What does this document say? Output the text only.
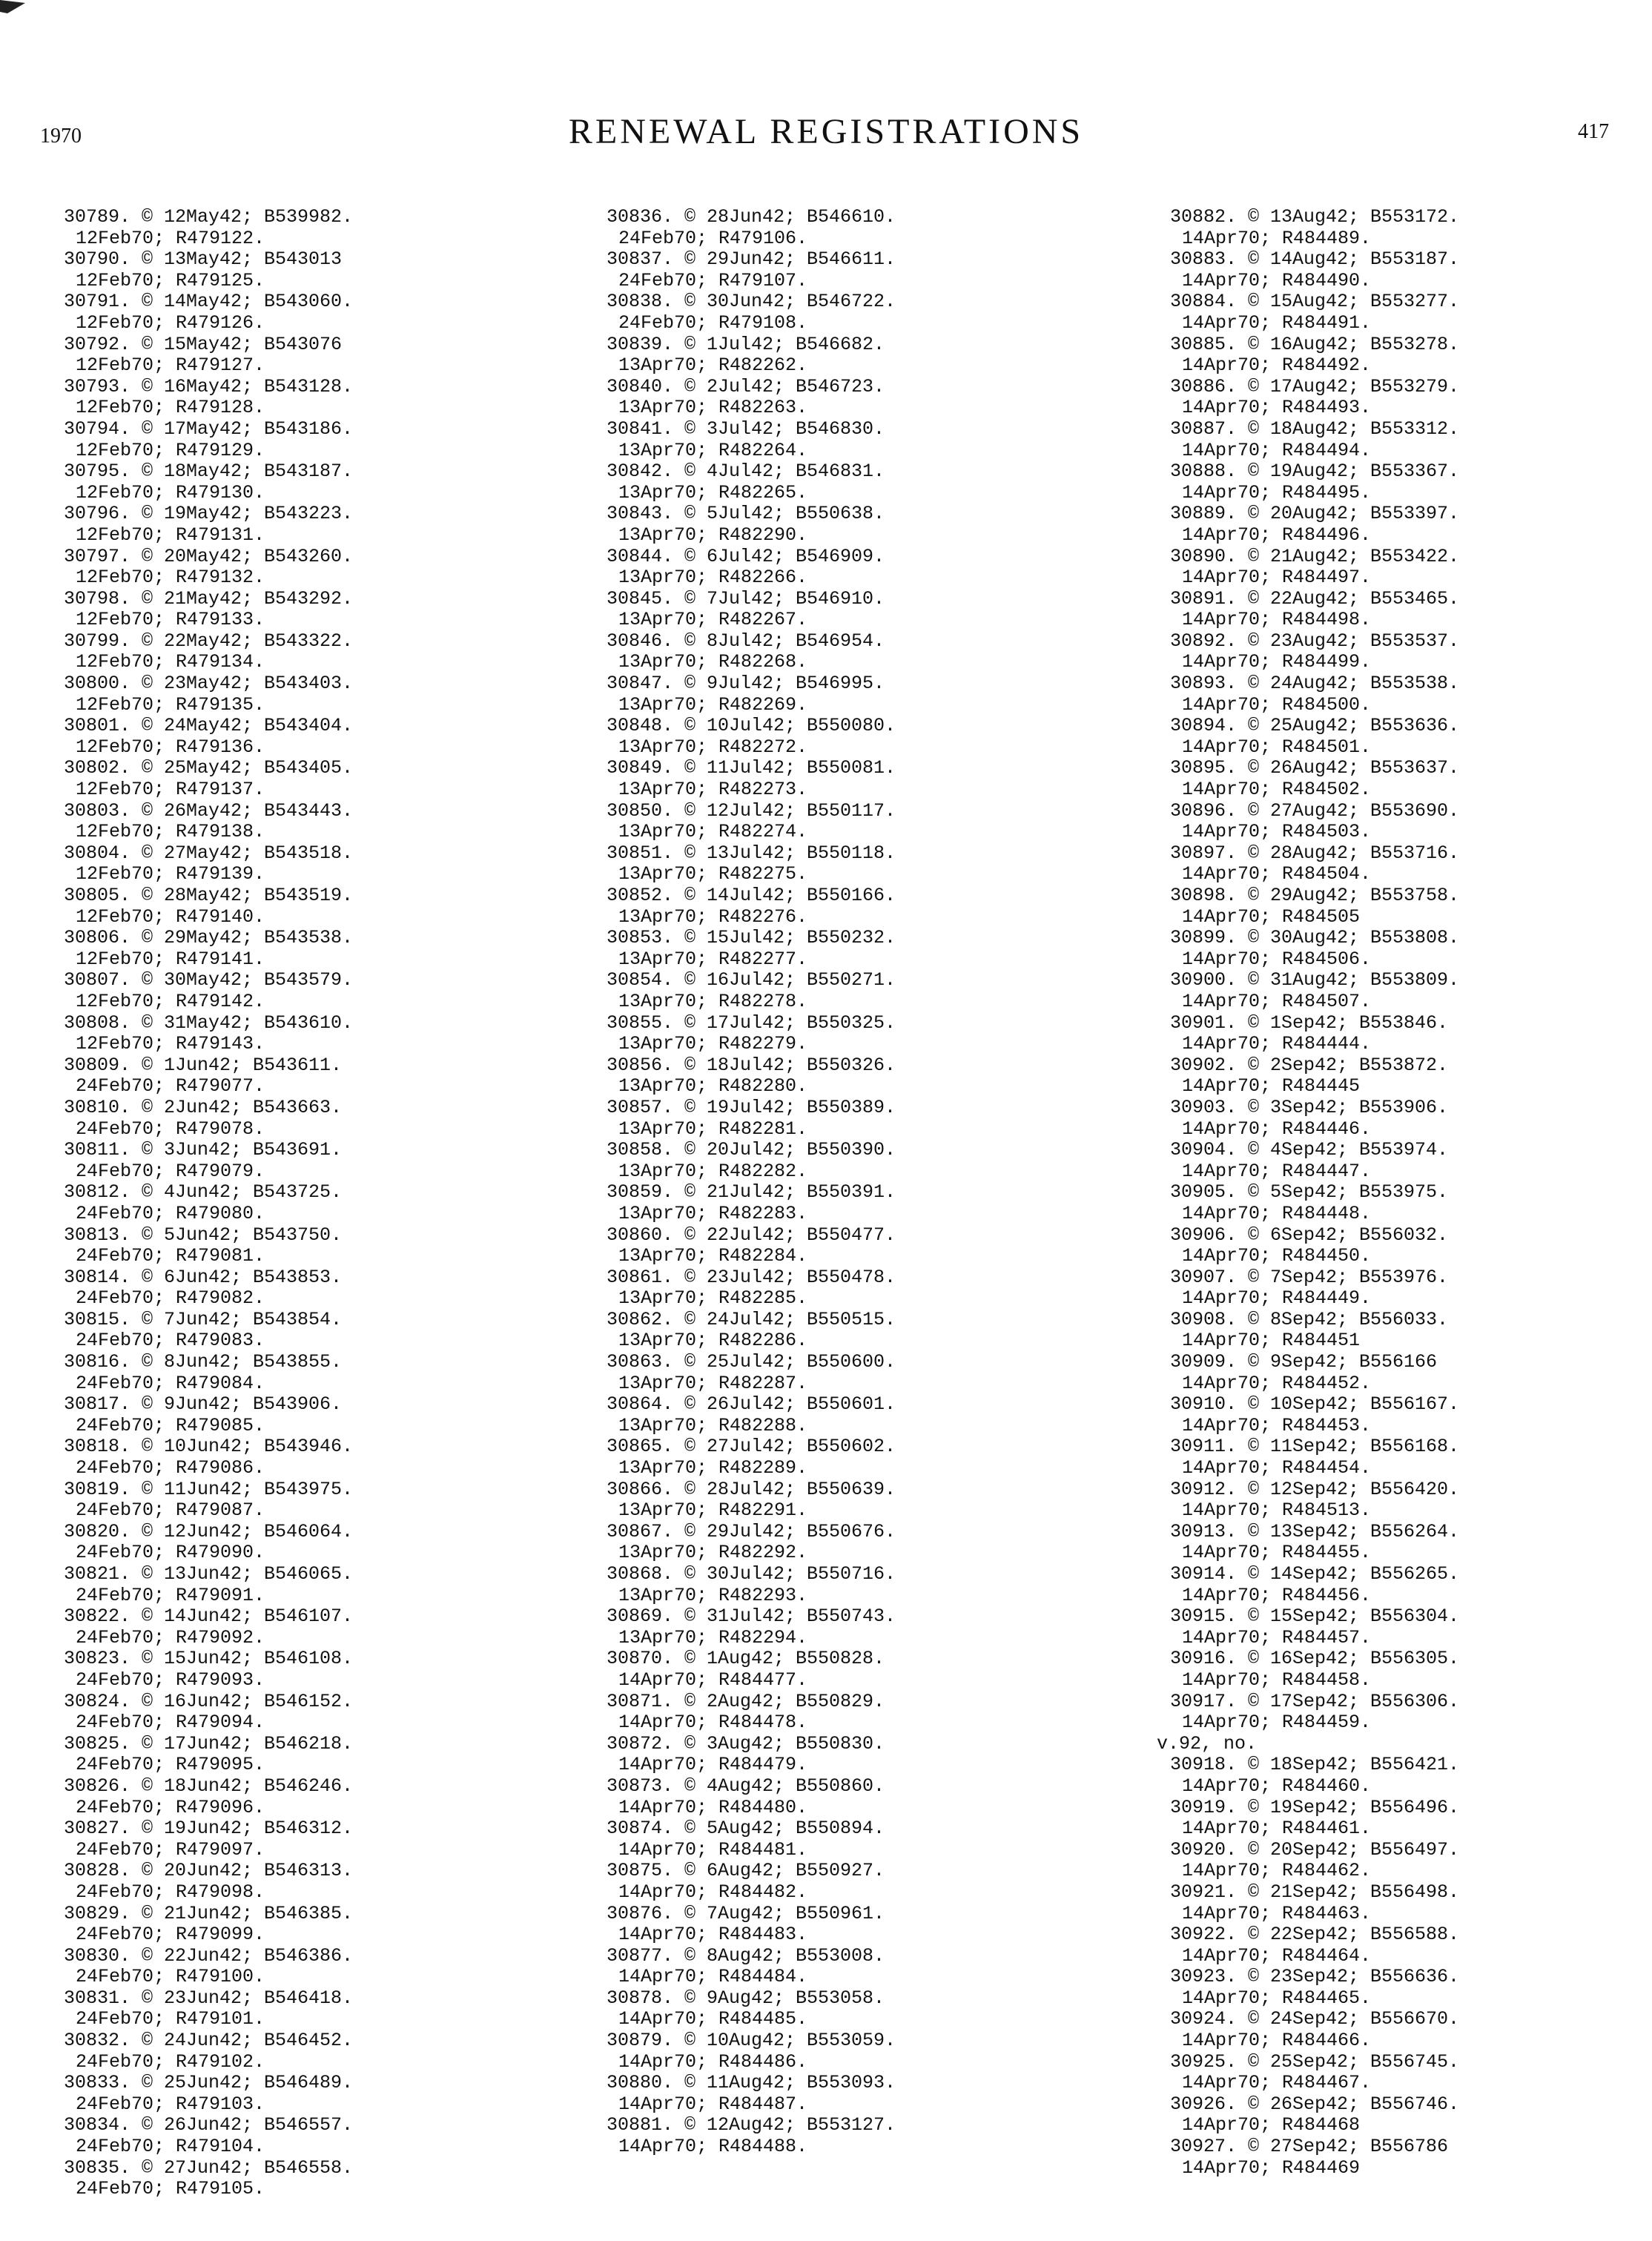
1970	RENEWAL REGISTRATIONS	417
30789. © 12May42; B539982.
12Feb70; R479122.
30790. © 13May42; B543013
12Feb70; R479125.
30791. © 14May42; B543060.
12Feb70; R479126.
30792. © 15May42; B543076
12Feb70; R479127.
30793. © 16May42; B543128.
12Feb70; R479128.
30794. © 17May42; B543186.
12Feb70; R479129.
30795. © 18May42; B543187.
12Feb70; R479130.
30796. © 19May42; B543223.
12Feb70; R479131.
30797. © 20May42; B543260.
12Feb70; R479132.
30798. © 21May42; B543292.
12Feb70; R479133.
30799. © 22May42; B543322.
12Feb70; R479134.
30800. © 23May42; B543403.
12Feb70; R479135.
30801. © 24May42; B543404.
12Feb70; R479136.
30802. © 25May42; B543405.
12Feb70; R479137.
30803. © 26May42; B543443.
12Feb70; R479138.
30804. © 27May42; B543518.
12Feb70; R479139.
30805. © 28May42; B543519.
12Feb70; R479140.
30806. © 29May42; B543538.
12Feb70; R479141.
30807. © 30May42; B543579.
12Feb70; R479142.
30808. © 31May42; B543610.
12Feb70; R479143.
30809. © 1Jun42; B543611.
24Feb70; R479077.
30810. © 2Jun42; B543663.
24Feb70; R479078.
30811. © 3Jun42; B543691.
24Feb70; R479079.
30812. © 4Jun42; B543725.
24Feb70; R479080.
30813. © 5Jun42; B543750.
24Feb70; R479081.
30814. © 6Jun42; B543853.
24Feb70; R479082.
30815. © 7Jun42; B543854.
24Feb70; R479083.
30816. © 8Jun42; B543855.
24Feb70; R479084.
30817. © 9Jun42; B543906.
24Feb70; R479085.
30818. © 10Jun42; B543946.
24Feb70; R479086.
30819. © 11Jun42; B543975.
24Feb70; R479087.
30820. © 12Jun42; B546064.
24Feb70; R479090.
30821. © 13Jun42; B546065.
24Feb70; R479091.
30822. © 14Jun42; B546107.
24Feb70; R479092.
30823. © 15Jun42; B546108.
24Feb70; R479093.
30824. © 16Jun42; B546152.
24Feb70; R479094.
30825. © 17Jun42; B546218.
24Feb70; R479095.
30826. © 18Jun42; B546246.
24Feb70; R479096.
30827. © 19Jun42; B546312.
24Feb70; R479097.
30828. © 20Jun42; B546313.
24Feb70; R479098.
30829. © 21Jun42; B546385.
24Feb70; R479099.
30830. © 22Jun42; B546386.
24Feb70; R479100.
30831. © 23Jun42; B546418.
24Feb70; R479101.
30832. © 24Jun42; B546452.
24Feb70; R479102.
30833. © 25Jun42; B546489.
24Feb70; R479103.
30834. © 26Jun42; B546557.
24Feb70; R479104.
30835. © 27Jun42; B546558.
24Feb70; R479105.
30836. © 28Jun42; B546610.
24Feb70; R479106.
30837. © 29Jun42; B546611.
24Feb70; R479107.
30838. © 30Jun42; B546722.
24Feb70; R479108.
30839. © 1Jul42; B546682.
13Apr70; R482262.
30840. © 2Jul42; B546723.
13Apr70; R482263.
30841. © 3Jul42; B546830.
13Apr70; R482264.
30842. © 4Jul42; B546831.
13Apr70; R482265.
30843. © 5Jul42; B550638.
13Apr70; R482290.
30844. © 6Jul42; B546909.
13Apr70; R482266.
30845. © 7Jul42; B546910.
13Apr70; R482267.
30846. © 8Jul42; B546954.
13Apr70; R482268.
30847. © 9Jul42; B546995.
13Apr70; R482269.
30848. © 10Jul42; B550080.
13Apr70; R482272.
30849. © 11Jul42; B550081.
13Apr70; R482273.
30850. © 12Jul42; B550117.
13Apr70; R482274.
30851. © 13Jul42; B550118.
13Apr70; R482275.
30852. © 14Jul42; B550166.
13Apr70; R482276.
30853. © 15Jul42; B550232.
13Apr70; R482277.
30854. © 16Jul42; B550271.
13Apr70; R482278.
30855. © 17Jul42; B550325.
13Apr70; R482279.
30856. © 18Jul42; B550326.
13Apr70; R482280.
30857. © 19Jul42; B550389.
13Apr70; R482281.
30858. © 20Jul42; B550390.
13Apr70; R482282.
30859. © 21Jul42; B550391.
13Apr70; R482283.
30860. © 22Jul42; B550477.
13Apr70; R482284.
30861. © 23Jul42; B550478.
13Apr70; R482285.
30862. © 24Jul42; B550515.
13Apr70; R482286.
30863. © 25Jul42; B550600.
13Apr70; R482287.
30864. © 26Jul42; B550601.
13Apr70; R482288.
30865. © 27Jul42; B550602.
13Apr70; R482289.
30866. © 28Jul42; B550639.
13Apr70; R482291.
30867. © 29Jul42; B550676.
13Apr70; R482292.
30868. © 30Jul42; B550716.
13Apr70; R482293.
30869. © 31Jul42; B550743.
13Apr70; R482294.
30870. © 1Aug42; B550828.
14Apr70; R484477.
30871. © 2Aug42; B550829.
14Apr70; R484478.
30872. © 3Aug42; B550830.
14Apr70; R484479.
30873. © 4Aug42; B550860.
14Apr70; R484480.
30874. © 5Aug42; B550894.
14Apr70; R484481.
30875. © 6Aug42; B550927.
14Apr70; R484482.
30876. © 7Aug42; B550961.
14Apr70; R484483.
30877. © 8Aug42; B553008.
14Apr70; R484484.
30878. © 9Aug42; B553058.
14Apr70; R484485.
30879. © 10Aug42; B553059.
14Apr70; R484486.
30880. © 11Aug42; B553093.
14Apr70; R484487.
30881. © 12Aug42; B553127.
14Apr70; R484488.
30882. © 13Aug42; B553172.
14Apr70; R484489.
30883. © 14Aug42; B553187.
14Apr70; R484490.
30884. © 15Aug42; B553277.
14Apr70; R484491.
30885. © 16Aug42; B553278.
14Apr70; R484492.
30886. © 17Aug42; B553279.
14Apr70; R484493.
30887. © 18Aug42; B553312.
14Apr70; R484494.
30888. © 19Aug42; B553367.
14Apr70; R484495.
30889. © 20Aug42; B553397.
14Apr70; R484496.
30890. © 21Aug42; B553422.
14Apr70; R484497.
30891. © 22Aug42; B553465.
14Apr70; R484498.
30892. © 23Aug42; B553537.
14Apr70; R484499.
30893. © 24Aug42; B553538.
14Apr70; R484500.
30894. © 25Aug42; B553636.
14Apr70; R484501.
30895. © 26Aug42; B553637.
14Apr70; R484502.
30896. © 27Aug42; B553690.
14Apr70; R484503.
30897. © 28Aug42; B553716.
14Apr70; R484504.
30898. © 29Aug42; B553758.
14Apr70; R484505
30899. © 30Aug42; B553808.
14Apr70; R484506.
30900. © 31Aug42; B553809.
14Apr70; R484507.
30901. © 1Sep42; B553846.
14Apr70; R484444.
30902. © 2Sep42; B553872.
14Apr70; R484445
30903. © 3Sep42; B553906.
14Apr70; R484446.
30904. © 4Sep42; B553974.
14Apr70; R484447.
30905. © 5Sep42; B553975.
14Apr70; R484448.
30906. © 6Sep42; B556032.
14Apr70; R484450.
30907. © 7Sep42; B553976.
14Apr70; R484449.
30908. © 8Sep42; B556033.
14Apr70; R484451
30909. © 9Sep42; B556166
14Apr70; R484452.
30910. © 10Sep42; B556167.
14Apr70; R484453.
30911. © 11Sep42; B556168.
14Apr70; R484454.
30912. © 12Sep42; B556420.
14Apr70; R484513.
30913. © 13Sep42; B556264.
14Apr70; R484455.
30914. © 14Sep42; B556265.
14Apr70; R484456.
30915. © 15Sep42; B556304.
14Apr70; R484457.
30916. © 16Sep42; B556305.
14Apr70; R484458.
30917. © 17Sep42; B556306.
14Apr70; R484459.
v.92, no.
30918. © 18Sep42; B556421.
14Apr70; R484460.
30919. © 19Sep42; B556496.
14Apr70; R484461.
30920. © 20Sep42; B556497.
14Apr70; R484462.
30921. © 21Sep42; B556498.
14Apr70; R484463.
30922. © 22Sep42; B556588.
14Apr70; R484464.
30923. © 23Sep42; B556636.
14Apr70; R484465.
30924. © 24Sep42; B556670.
14Apr70; R484466.
30925. © 25Sep42; B556745.
14Apr70; R484467.
30926. © 26Sep42; B556746.
14Apr70; R484468
30927. © 27Sep42; B556786
14Apr70; R484469
